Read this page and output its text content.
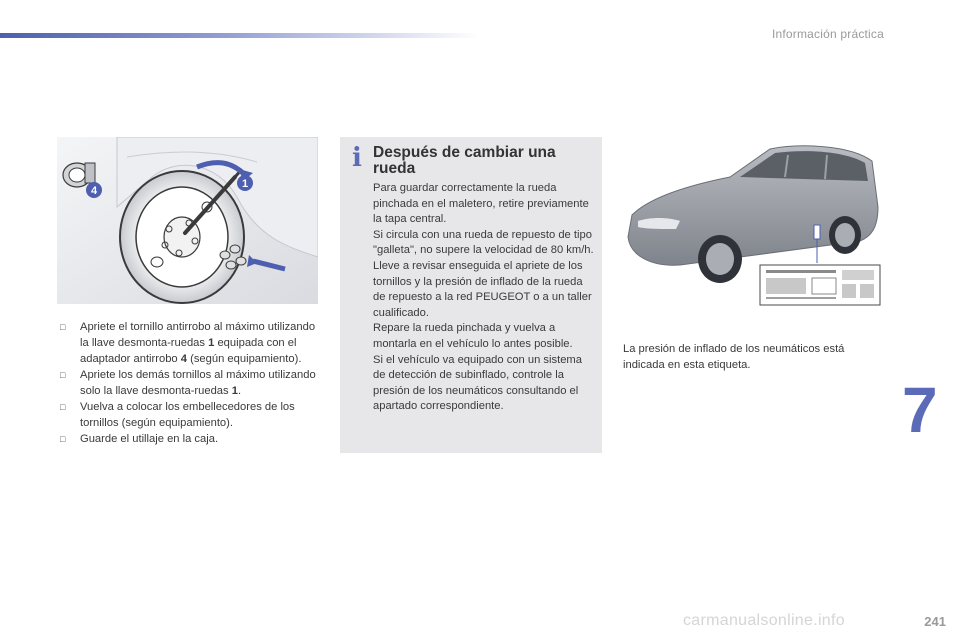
Información práctica
4
1
□ Apriete el tornillo antirrobo al máximo utilizando la llave desmonta-ruedas 1 equipada con el adaptador antirrobo 4 (según equipamiento).
□ Apriete los demás tornillos al máximo utilizando solo la llave desmonta-ruedas 1.
□ Vuelva a colocar los embellecedores de los tornillos (según equipamiento).
□ Guarde el utillaje en la caja.
i Después de cambiar una rueda

Para guardar correctamente la rueda pinchada en el maletero, retire previamente la tapa central.

Si circula con una rueda de repuesto de tipo "galleta", no supere la velocidad de 80 km/h.

Lleve a revisar enseguida el apriete de los tornillos y la presión de inflado de la rueda de repuesto a la red PEUGEOT o a un taller cualificado.

Repare la rueda pinchada y vuelva a montarla en el vehículo lo antes posible.

Si el vehículo va equipado con un sistema de detección de subinflado, controle la presión de los neumáticos consultando el apartado correspondiente.

La presión de inflado de los neumáticos está indicada en esta etiqueta.
7
carmanualsonline.info	241
